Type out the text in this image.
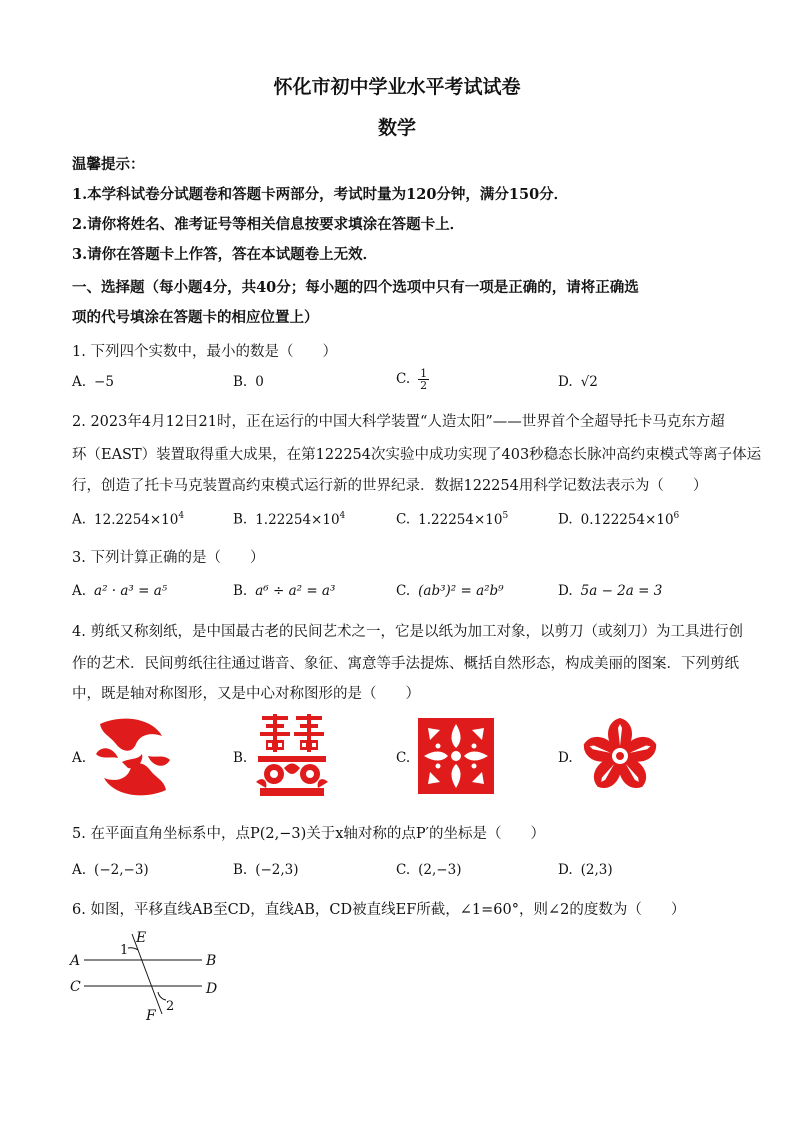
怀化市初中学业水平考试试卷
数学
温馨提示：
1.本学科试卷分试题卷和答题卡两部分，考试时量为120分钟，满分150分．
2.请你将姓名、准考证号等相关信息按要求填涂在答题卡上．
3.请你在答题卡上作答，答在本试题卷上无效．
一、选择题（每小题4分，共40分；每小题的四个选项中只有一项是正确的，请将正确选
项的代号填涂在答题卡的相应位置上）
1. 下列四个实数中，最小的数是（　　）
A. −5	B. 0	C. $\frac{1}{2}$	D. √2
2. 2023年4月12日21时，正在运行的中国大科学装置“人造太阳”——世界首个全超导托卡马克东方超
环（EAST）装置取得重大成果，在第122254次实验中成功实现了403秒稳态长脉冲高约束模式等离子体运
行，创造了托卡马克装置高约束模式运行新的世界纪录．数据122254用科学记数法表示为（　　）
A. $12.2254\times 10^4$	B. $1.22254\times 10^4$	C. $1.22254\times 10^5$	D. $0.122254\times 10^6$
3. 下列计算正确的是（　　）
A. a² · a³ = a⁵	B. a⁶ ÷ a² = a³	C. (ab³)² = a²b⁹	D. 5a − 2a = 3
4. 剪纸又称刻纸，是中国最古老的民间艺术之一，它是以纸为加工对象，以剪刀（或刻刀）为工具进行创
作的艺术．民间剪纸往往通过谐音、象征、寓意等手法提炼、概括自然形态，构成美丽的图案．下列剪纸
中，既是轴对称图形，又是中心对称图形的是（　　）
A.	B.	C.	D.
5. 在平面直角坐标系中，点P(2,−3)关于x轴对称的点P′的坐标是（　　）
A. (−2,−3)	B. (−2,3)	C. (2,−3)	D. (2,3)
6. 如图，平移直线AB至CD，直线AB，CD被直线EF所截，∠1=60°，则∠2的度数为（　　）
E
A	B
C	D
F
1
2
